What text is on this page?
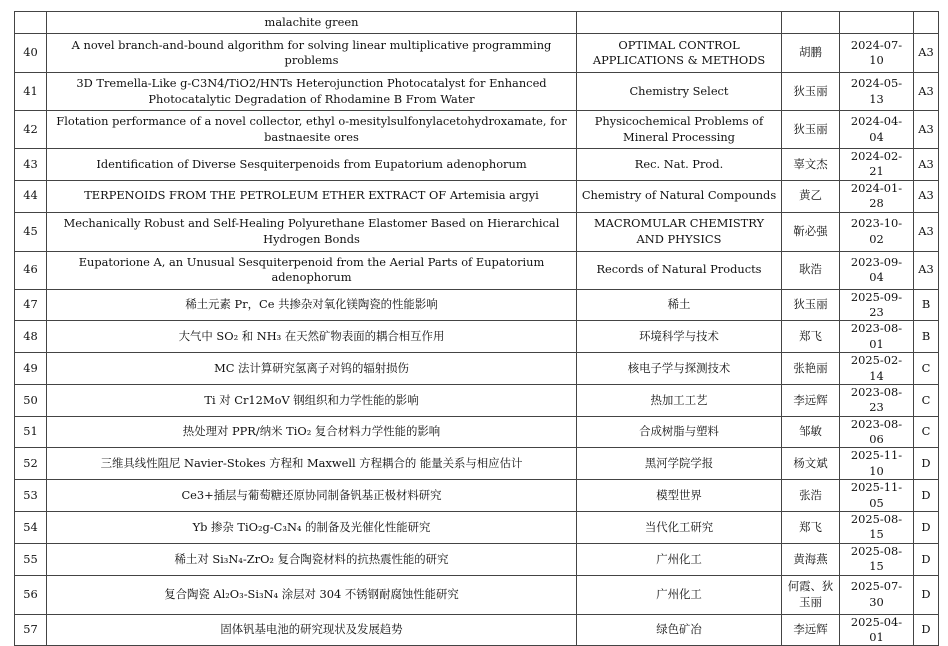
	malachite green				
40	A novel branch-and-bound algorithm for solving linear multiplicative programming problems	OPTIMAL CONTROL APPLICATIONS & METHODS	胡鹏	2024-07-10	A3
41	3D Tremella-Like g-C3N4/TiO2/HNTs Heterojunction Photocatalyst for Enhanced Photocatalytic Degradation of Rhodamine B From Water	Chemistry Select	狄玉丽	2024-05-13	A3
42	Flotation performance of a novel collector, ethyl o-mesitylsulfonylacetohydroxamate, for bastnaesite ores	Physicochemical Problems of Mineral Processing	狄玉丽	2024-04-04	A3
43	Identification of Diverse Sesquiterpenoids from Eupatorium adenophorum	Rec. Nat. Prod.	辜文杰	2024-02-21	A3
44	TERPENOIDS FROM THE PETROLEUM ETHER EXTRACT OF Artemisia argyi	Chemistry of Natural Compounds	黄乙	2024-01-28	A3
45	Mechanically Robust and Self-Healing Polyurethane Elastomer Based on Hierarchical Hydrogen Bonds	MACROMULAR CHEMISTRY AND PHYSICS	靳必强	2023-10-02	A3
46	Eupatorione A, an Unusual Sesquiterpenoid from the Aerial Parts of Eupatorium adenophorum	Records of Natural Products	耿浩	2023-09-04	A3
47	稀土元素 Pr，Ce 共掺杂对氧化镁陶瓷的性能影响	稀土	狄玉丽	2025-09-23	B
48	大气中 SO₂ 和 NH₃ 在天然矿物表面的耦合相互作用	环境科学与技术	郑飞	2023-08-01	B
49	MC 法计算研究氢离子对钨的辐射损伤	核电子学与探测技术	张艳丽	2025-02-14	C
50	Ti 对 Cr12MoV 钢组织和力学性能的影响	热加工工艺	李远辉	2023-08-23	C
51	热处理对 PPR/纳米 TiO₂ 复合材料力学性能的影响	合成树脂与塑料	邹敏	2023-08-06	C
52	三维具线性阻尼 Navier-Stokes 方程和 Maxwell 方程耦合的 能量关系与相应估计	黑河学院学报	杨文斌	2025-11-10	D
53	Ce3+插层与葡萄糖还原协同制备钒基正极材料研究	模型世界	张浩	2025-11-05	D
54	Yb 掺杂 TiO₂g-C₃N₄ 的制备及光催化性能研究	当代化工研究	郑飞	2025-08-15	D
55	稀土对 Si₃N₄-ZrO₂ 复合陶瓷材料的抗热震性能的研究	广州化工	黄海燕	2025-08-15	D
56	复合陶瓷 Al₂O₃-Si₃N₄ 涂层对 304 不锈钢耐腐蚀性能研究	广州化工	何霞、狄玉丽	2025-07-30	D
57	固体钒基电池的研究现状及发展趋势	绿色矿冶	李远辉	2025-04-01	D
